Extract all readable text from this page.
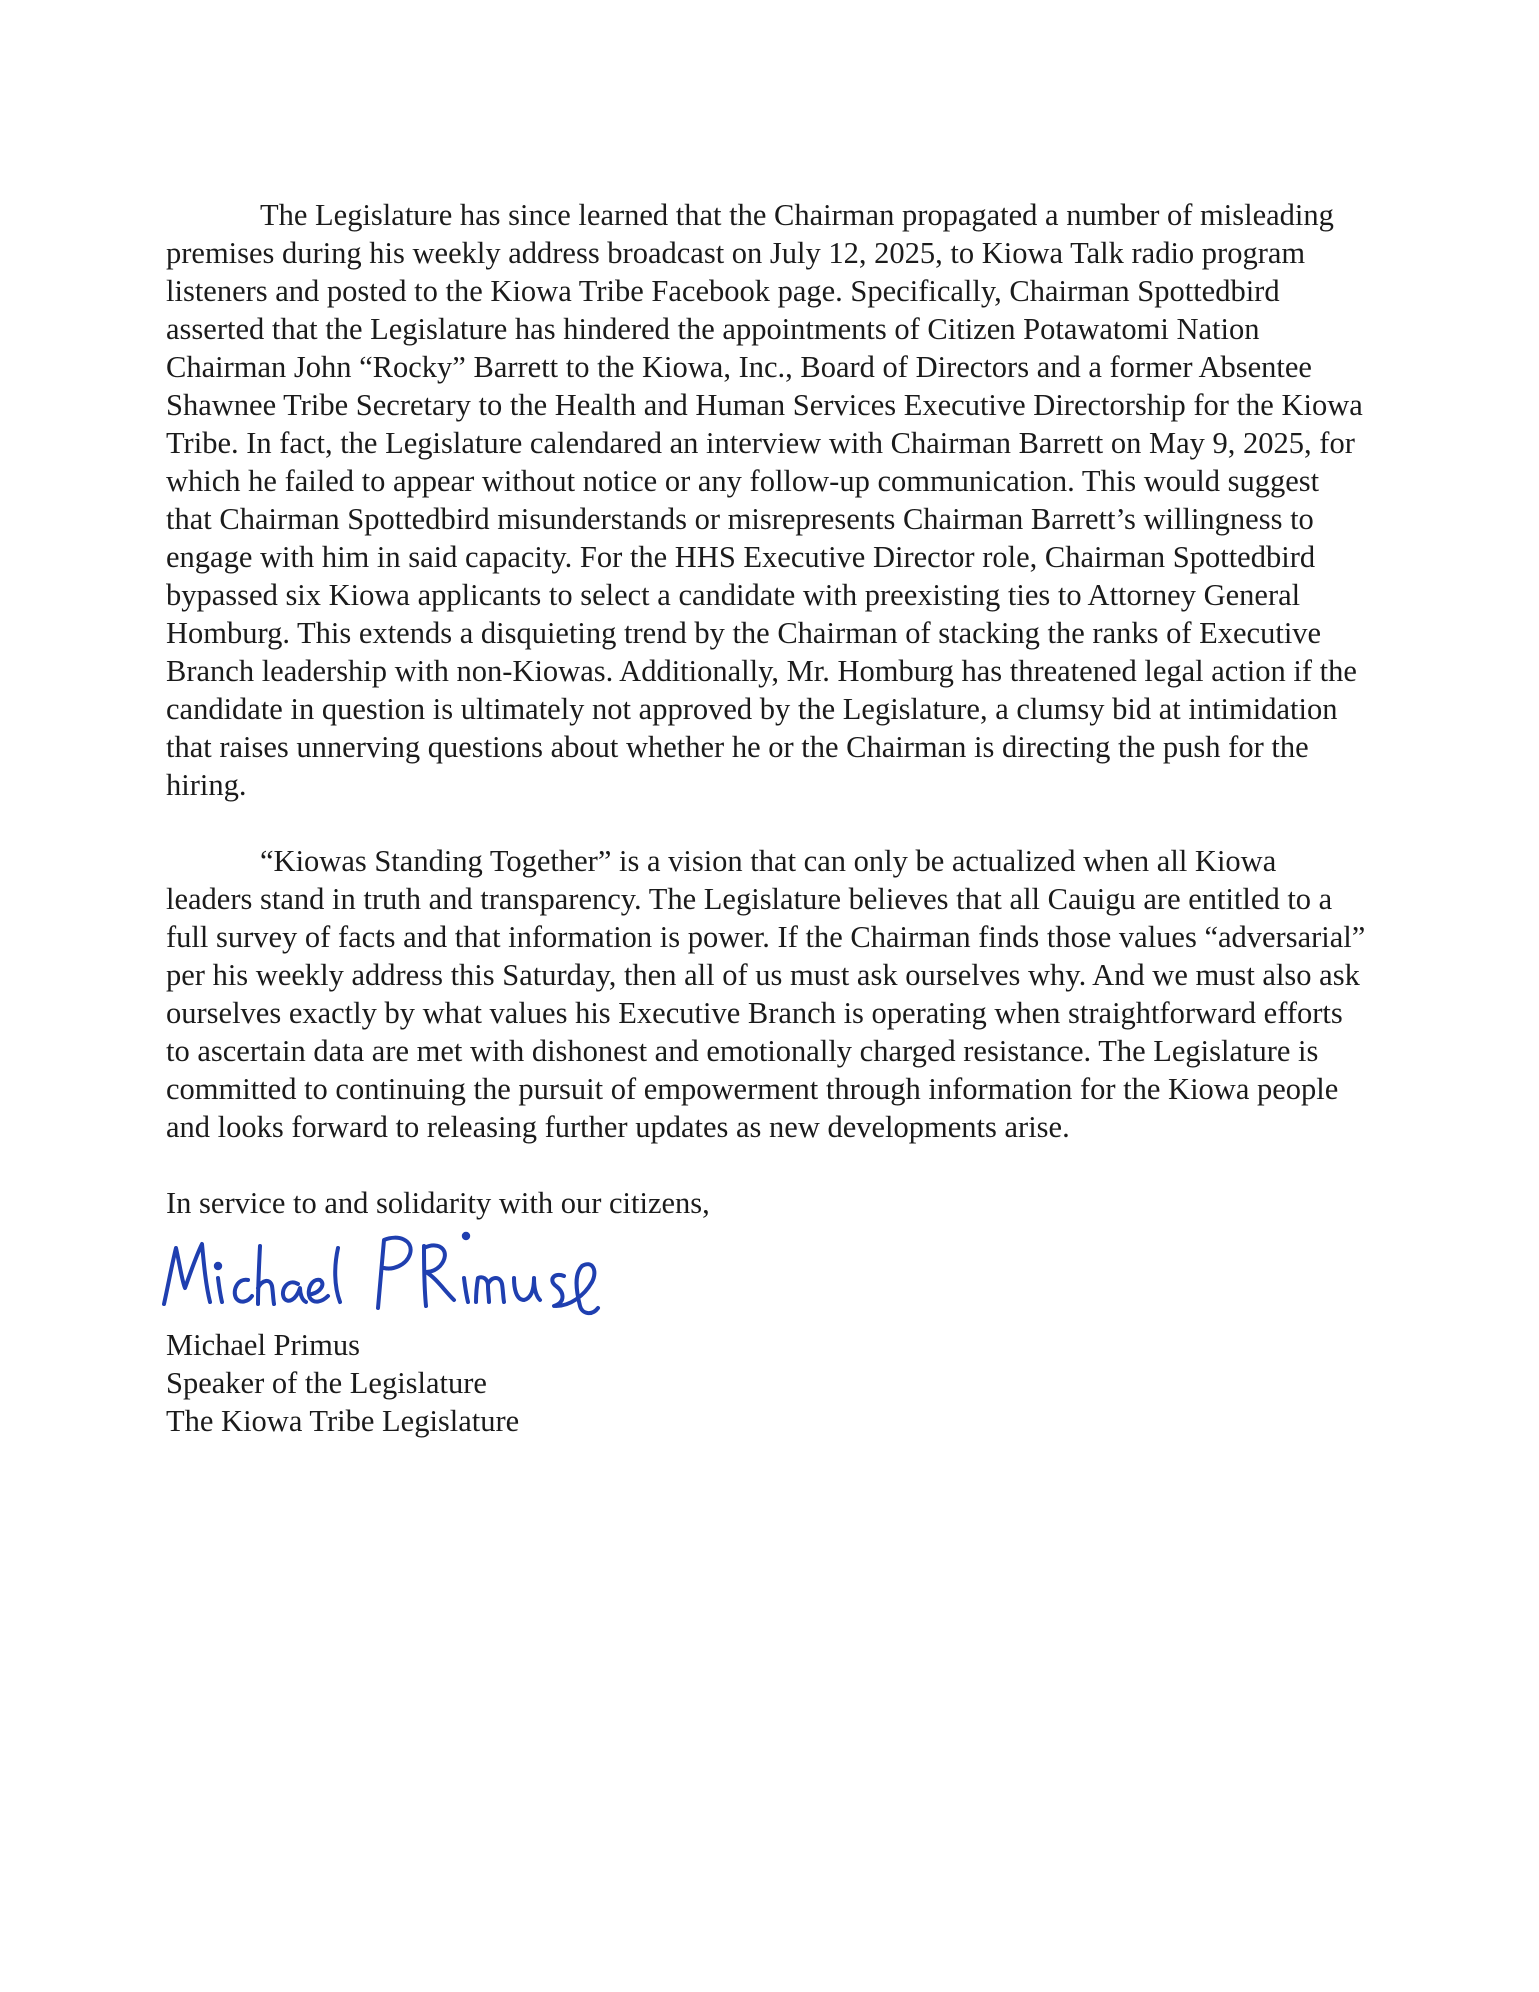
The Legislature has since learned that the Chairman propagated a number of misleading premises during his weekly address broadcast on July 12, 2025, to Kiowa Talk radio program listeners and posted to the Kiowa Tribe Facebook page. Specifically, Chairman Spottedbird asserted that the Legislature has hindered the appointments of Citizen Potawatomi Nation Chairman John “Rocky” Barrett to the Kiowa, Inc., Board of Directors and a former Absentee Shawnee Tribe Secretary to the Health and Human Services Executive Directorship for the Kiowa Tribe. In fact, the Legislature calendared an interview with Chairman Barrett on May 9, 2025, for which he failed to appear without notice or any follow-up communication. This would suggest that Chairman Spottedbird misunderstands or misrepresents Chairman Barrett’s willingness to engage with him in said capacity. For the HHS Executive Director role, Chairman Spottedbird bypassed six Kiowa applicants to select a candidate with preexisting ties to Attorney General Homburg. This extends a disquieting trend by the Chairman of stacking the ranks of Executive Branch leadership with non-Kiowas. Additionally, Mr. Homburg has threatened legal action if the candidate in question is ultimately not approved by the Legislature, a clumsy bid at intimidation that raises unnerving questions about whether he or the Chairman is directing the push for the hiring.

“Kiowas Standing Together” is a vision that can only be actualized when all Kiowa leaders stand in truth and transparency. The Legislature believes that all Cauigu are entitled to a full survey of facts and that information is power. If the Chairman finds those values “adversarial” per his weekly address this Saturday, then all of us must ask ourselves why. And we must also ask ourselves exactly by what values his Executive Branch is operating when straightforward efforts to ascertain data are met with dishonest and emotionally charged resistance. The Legislature is committed to continuing the pursuit of empowerment through information for the Kiowa people and looks forward to releasing further updates as new developments arise.

In service to and solidarity with our citizens,

Michael Primus
Speaker of the Legislature
The Kiowa Tribe Legislature
